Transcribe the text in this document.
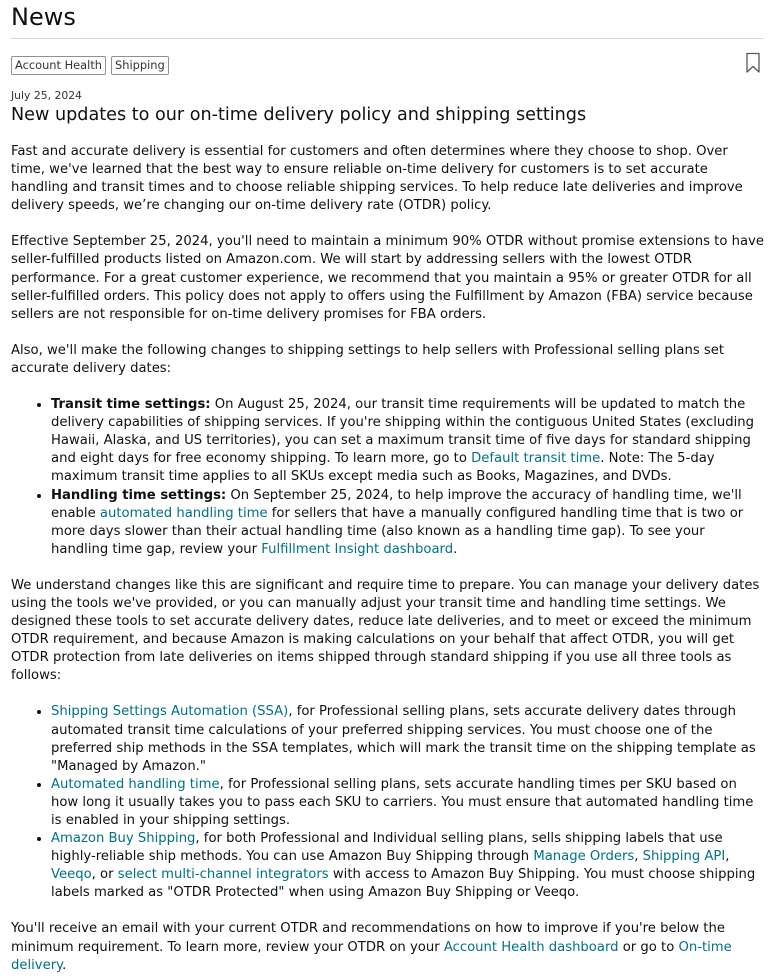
News
Account Health Shipping
July 25, 2024
New updates to our on-time delivery policy and shipping settings

Fast and accurate delivery is essential for customers and often determines where they choose to shop. Over time, we've learned that the best way to ensure reliable on-time delivery for customers is to set accurate handling and transit times and to choose reliable shipping services. To help reduce late deliveries and improve delivery speeds, we’re changing our on-time delivery rate (OTDR) policy.

Effective September 25, 2024, you'll need to maintain a minimum 90% OTDR without promise extensions to have seller-fulfilled products listed on Amazon.com. We will start by addressing sellers with the lowest OTDR performance. For a great customer experience, we recommend that you maintain a 95% or greater OTDR for all seller-fulfilled orders. This policy does not apply to offers using the Fulfillment by Amazon (FBA) service because sellers are not responsible for on-time delivery promises for FBA orders.

Also, we'll make the following changes to shipping settings to help sellers with Professional selling plans set accurate delivery dates:

• Transit time settings: On August 25, 2024, our transit time requirements will be updated to match the delivery capabilities of shipping services. If you're shipping within the contiguous United States (excluding Hawaii, Alaska, and US territories), you can set a maximum transit time of five days for standard shipping and eight days for free economy shipping. To learn more, go to Default transit time. Note: The 5-day maximum transit time applies to all SKUs except media such as Books, Magazines, and DVDs.
• Handling time settings: On September 25, 2024, to help improve the accuracy of handling time, we'll enable automated handling time for sellers that have a manually configured handling time that is two or more days slower than their actual handling time (also known as a handling time gap). To see your handling time gap, review your Fulfillment Insight dashboard.

We understand changes like this are significant and require time to prepare. You can manage your delivery dates using the tools we've provided, or you can manually adjust your transit time and handling time settings. We designed these tools to set accurate delivery dates, reduce late deliveries, and to meet or exceed the minimum OTDR requirement, and because Amazon is making calculations on your behalf that affect OTDR, you will get OTDR protection from late deliveries on items shipped through standard shipping if you use all three tools as follows:

• Shipping Settings Automation (SSA), for Professional selling plans, sets accurate delivery dates through automated transit time calculations of your preferred shipping services. You must choose one of the preferred ship methods in the SSA templates, which will mark the transit time on the shipping template as "Managed by Amazon."
• Automated handling time, for Professional selling plans, sets accurate handling times per SKU based on how long it usually takes you to pass each SKU to carriers. You must ensure that automated handling time is enabled in your shipping settings.
• Amazon Buy Shipping, for both Professional and Individual selling plans, sells shipping labels that use highly-reliable ship methods. You can use Amazon Buy Shipping through Manage Orders, Shipping API, Veeqo, or select multi-channel integrators with access to Amazon Buy Shipping. You must choose shipping labels marked as "OTDR Protected" when using Amazon Buy Shipping or Veeqo.

You'll receive an email with your current OTDR and recommendations on how to improve if you're below the minimum requirement. To learn more, review your OTDR on your Account Health dashboard or go to On-time delivery.
